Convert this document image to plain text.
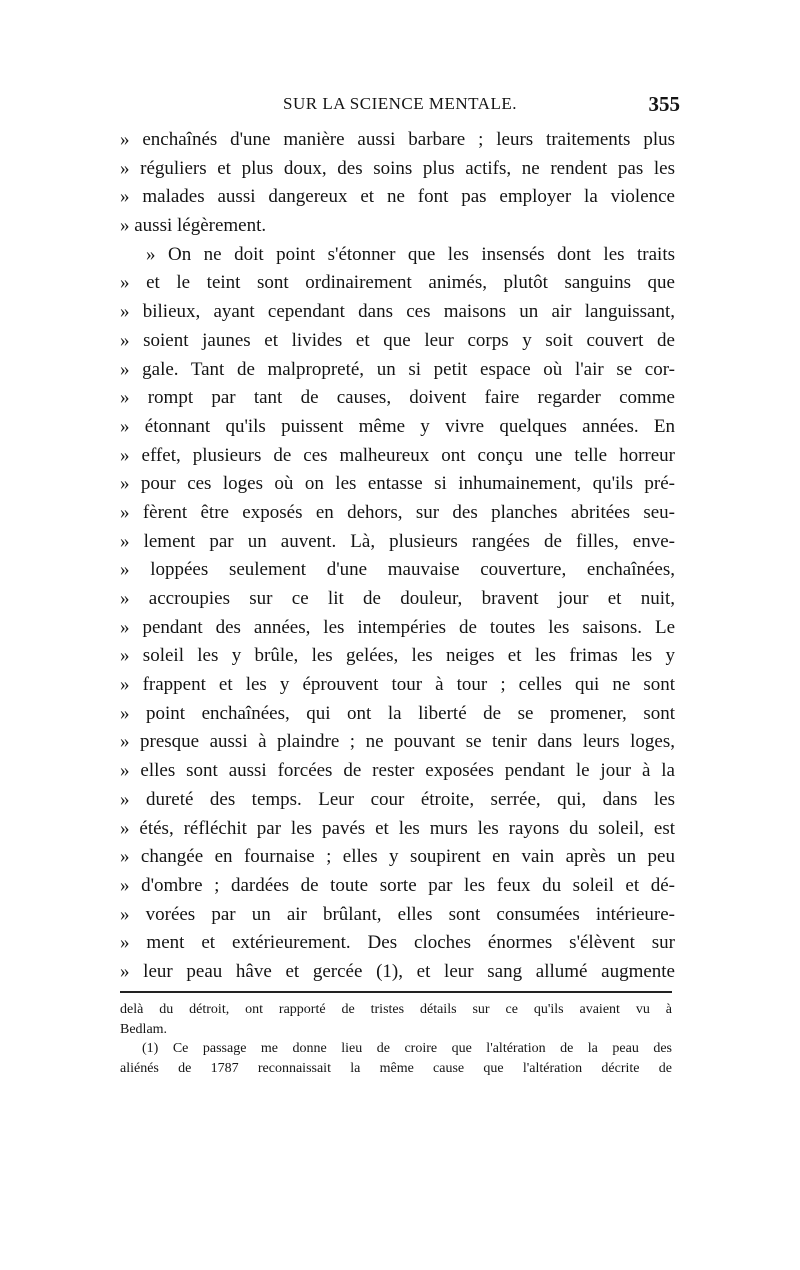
SUR LA SCIENCE MENTALE.	355
» enchaînés d'une manière aussi barbare ; leurs traitements plus
» réguliers et plus doux, des soins plus actifs, ne rendent pas les
» malades aussi dangereux et ne font pas employer la violence
» aussi légèrement.
» On ne doit point s'étonner que les insensés dont les traits
» et le teint sont ordinairement animés, plutôt sanguins que
» bilieux, ayant cependant dans ces maisons un air languissant,
» soient jaunes et livides et que leur corps y soit couvert de
» gale. Tant de malpropreté, un si petit espace où l'air se cor-
» rompt par tant de causes, doivent faire regarder comme
» étonnant qu'ils puissent même y vivre quelques années. En
» effet, plusieurs de ces malheureux ont conçu une telle horreur
» pour ces loges où on les entasse si inhumainement, qu'ils pré-
» fèrent être exposés en dehors, sur des planches abritées seu-
» lement par un auvent. Là, plusieurs rangées de filles, enve-
» loppées seulement d'une mauvaise couverture, enchaînées,
» accroupies sur ce lit de douleur, bravent jour et nuit,
» pendant des années, les intempéries de toutes les saisons. Le
» soleil les y brûle, les gelées, les neiges et les frimas les y
» frappent et les y éprouvent tour à tour ; celles qui ne sont
» point enchaînées, qui ont la liberté de se promener, sont
» presque aussi à plaindre ; ne pouvant se tenir dans leurs loges,
» elles sont aussi forcées de rester exposées pendant le jour à la
» dureté des temps. Leur cour étroite, serrée, qui, dans les
» étés, réfléchit par les pavés et les murs les rayons du soleil, est
» changée en fournaise ; elles y soupirent en vain après un peu
» d'ombre ; dardées de toute sorte par les feux du soleil et dé-
» vorées par un air brûlant, elles sont consumées intérieure-
» ment et extérieurement. Des cloches énormes s'élèvent sur
» leur peau hâve et gercée (1), et leur sang allumé augmente
delà du détroit, ont rapporté de tristes détails sur ce qu'ils avaient vu à
Bedlam.
(1) Ce passage me donne lieu de croire que l'altération de la peau des
aliénés de 1787 reconnaissait la même cause que l'altération décrite de
